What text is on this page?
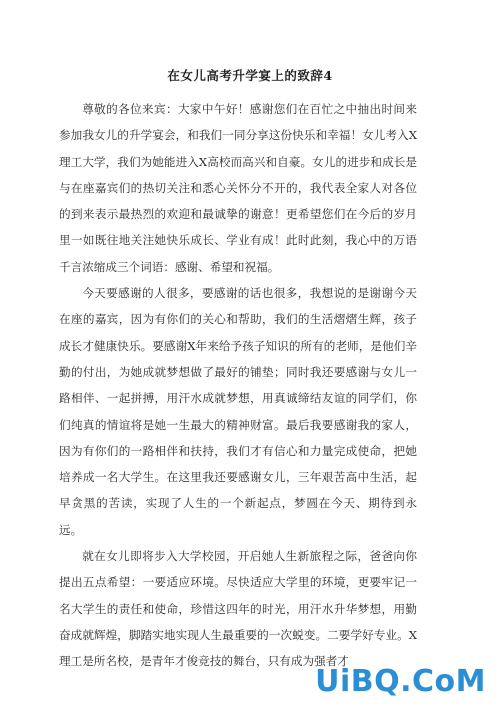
在女儿高考升学宴上的致辞4

尊敬的各位来宾：大家中午好！感谢您们在百忙之中抽出时间来参加我女儿的升学宴会，和我们一同分享这份快乐和幸福！女儿考入X理工大学，我们为她能进入X高校而高兴和自豪。女儿的进步和成长是与在座嘉宾们的热切关注和悉心关怀分不开的，我代表全家人对各位的到来表示最热烈的欢迎和最诚挚的谢意！更希望您们在今后的岁月里一如既往地关注她快乐成长、学业有成！此时此刻，我心中的万语千言浓缩成三个词语：感谢、希望和祝福。

今天要感谢的人很多，要感谢的话也很多，我想说的是谢谢今天在座的嘉宾，因为有你们的关心和帮助，我们的生活熠熠生辉，孩子成长才健康快乐。要感谢X年来给予孩子知识的所有的老师，是他们辛勤的付出，为她成就梦想做了最好的铺垫；同时我还要感谢与女儿一路相伴、一起拼搏，用汗水成就梦想，用真诚缔结友谊的同学们，你们纯真的情谊将是她一生最大的精神财富。最后我要感谢我的家人，因为有你们的一路相伴和扶持，我们才有信心和力量完成使命，把她培养成一名大学生。在这里我还要感谢女儿，三年艰苦高中生活，起早贪黑的苦读，实现了人生的一个新起点，梦圆在今天、期待到永远。

就在女儿即将步入大学校园，开启她人生新旅程之际，爸爸向你提出五点希望：一要适应环境。尽快适应大学里的环境，更要牢记一名大学生的责任和使命，珍惜这四年的时光，用汗水升华梦想，用勤奋成就辉煌，脚踏实地实现人生最重要的一次蜕变。二要学好专业。X理工是所名校，是青年才俊竞技的舞台，只有成为强者才

UiBQ.CoM
